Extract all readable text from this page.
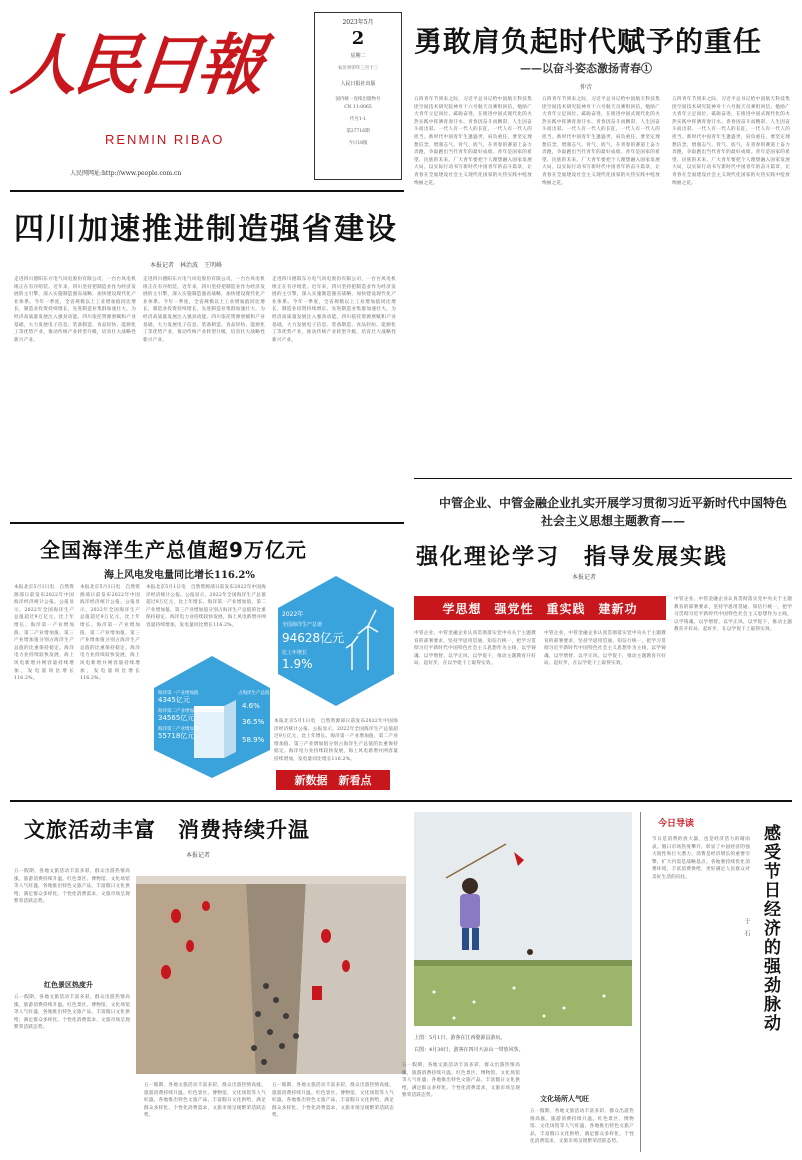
人民日報
RENMIN RIBAO
人民网网址:http://www.people.com.cn
2023年5月
2
星期二
农历癸卯年三月十三
人民日报社出版
国内统一连续出版物号
CN 11-0065
代号1-1
第27716期
今日16版
勇敢肩负起时代赋予的重任
——以奋斗姿态激扬青春①
仲音
五四青年节到来之际，习近平总书记给中国航天科技集团空间技术研究院神舟十六号航天员乘组回信，勉励广大青年立足岗位、砥砺奋进，在推进中国式现代化的火热实践中挥洒青春汗水。青春因奋斗而精彩，人生因奋斗而出彩。一代人有一代人的长征，一代人有一代人的担当。新时代中国青年生逢盛世，肩负重任，要坚定理想信念，增强志气、骨气、底气，在青春的赛道上奋力奔跑，争取跑出当代青年的最好成绩。青年是国家的希望、民族的未来。广大青年要把个人理想融入国家发展大局，以实际行动书写新时代中国青年的奋斗篇章，让青春在全面建设社会主义现代化国家的火热实践中绽放绚丽之花。
五四青年节到来之际，习近平总书记给中国航天科技集团空间技术研究院神舟十六号航天员乘组回信，勉励广大青年立足岗位、砥砺奋进，在推进中国式现代化的火热实践中挥洒青春汗水。青春因奋斗而精彩，人生因奋斗而出彩。一代人有一代人的长征，一代人有一代人的担当。新时代中国青年生逢盛世，肩负重任，要坚定理想信念，增强志气、骨气、底气，在青春的赛道上奋力奔跑，争取跑出当代青年的最好成绩。青年是国家的希望、民族的未来。广大青年要把个人理想融入国家发展大局，以实际行动书写新时代中国青年的奋斗篇章，让青春在全面建设社会主义现代化国家的火热实践中绽放绚丽之花。
五四青年节到来之际，习近平总书记给中国航天科技集团空间技术研究院神舟十六号航天员乘组回信，勉励广大青年立足岗位、砥砺奋进，在推进中国式现代化的火热实践中挥洒青春汗水。青春因奋斗而精彩，人生因奋斗而出彩。一代人有一代人的长征，一代人有一代人的担当。新时代中国青年生逢盛世，肩负重任，要坚定理想信念，增强志气、骨气、底气，在青春的赛道上奋力奔跑，争取跑出当代青年的最好成绩。青年是国家的希望、民族的未来。广大青年要把个人理想融入国家发展大局，以实际行动书写新时代中国青年的奋斗篇章，让青春在全面建设社会主义现代化国家的火热实践中绽放绚丽之花。
四川加速推进制造强省建设
本报记者　林治波　王明峰
走进四川德阳东方电气风电股份有限公司，一台台风电机组正在有序组装。近年来，四川坚持把制造业作为经济发展的主引擎，深入实施制造强省战略，加快建设现代化产业体系。今年一季度，全省规模以上工业增加值同比增长，制造业投资持续增长，先进制造业集群加速壮大，为经济高质量发展注入强劲动能。四川依托资源禀赋和产业基础，大力发展电子信息、装备制造、食品轻纺、能源化工等优势产业，推动传统产业转型升级，培育壮大战略性新兴产业。
走进四川德阳东方电气风电股份有限公司，一台台风电机组正在有序组装。近年来，四川坚持把制造业作为经济发展的主引擎，深入实施制造强省战略，加快建设现代化产业体系。今年一季度，全省规模以上工业增加值同比增长，制造业投资持续增长，先进制造业集群加速壮大，为经济高质量发展注入强劲动能。四川依托资源禀赋和产业基础，大力发展电子信息、装备制造、食品轻纺、能源化工等优势产业，推动传统产业转型升级，培育壮大战略性新兴产业。
走进四川德阳东方电气风电股份有限公司，一台台风电机组正在有序组装。近年来，四川坚持把制造业作为经济发展的主引擎，深入实施制造强省战略，加快建设现代化产业体系。今年一季度，全省规模以上工业增加值同比增长，制造业投资持续增长，先进制造业集群加速壮大，为经济高质量发展注入强劲动能。四川依托资源禀赋和产业基础，大力发展电子信息、装备制造、食品轻纺、能源化工等优势产业，推动传统产业转型升级，培育壮大战略性新兴产业。
全国海洋生产总值超9万亿元
海上风电发电量同比增长116.2%
本报北京5月1日电　自然资源部日前发布2022年中国海洋经济统计公报。公报显示，2022年全国海洋生产总值超过9万亿元，比上年增长。海洋第一产业增加值、第二产业增加值、第三产业增加值分别占海洋生产总值的比重保持稳定。海洋电力业持续较快发展，海上风电新增并网容量持续增加，发电量同比增长116.2%。
本报北京5月1日电　自然资源部日前发布2022年中国海洋经济统计公报。公报显示，2022年全国海洋生产总值超过9万亿元，比上年增长。海洋第一产业增加值、第二产业增加值、第三产业增加值分别占海洋生产总值的比重保持稳定。海洋电力业持续较快发展，海上风电新增并网容量持续增加，发电量同比增长116.2%。
本报北京5月1日电　自然资源部日前发布2022年中国海洋经济统计公报。公报显示，2022年全国海洋生产总值超过9万亿元，比上年增长。海洋第一产业增加值、第二产业增加值、第三产业增加值分别占海洋生产总值的比重保持稳定。海洋电力业持续较快发展，海上风电新增并网容量持续增加，发电量同比增长116.2%。
本报北京5月1日电　自然资源部日前发布2022年中国海洋经济统计公报。公报显示，2022年全国海洋生产总值超过9万亿元，比上年增长。海洋第一产业增加值、第二产业增加值、第三产业增加值分别占海洋生产总值的比重保持稳定。海洋电力业持续较快发展，海上风电新增并网容量持续增加，发电量同比增长116.2%。
2022年
全国海洋生产总值
94628亿元
比上年增长
1.9%
海洋第一产业增加值
4345亿元
海洋第二产业增加值
34565亿元
海洋第三产业增加值
55718亿元
占海洋生产总值
4.6%
36.5%
58.9%
新数据　新看点
中管企业、中管金融企业扎实开展学习贯彻习近平新时代中国特色社会主义思想主题教育——
强化理论学习　指导发展实践
本报记者
学思想　强党性　重实践　建新功
中管企业、中管金融企业认真贯彻落实党中央关于主题教育的部署要求，坚持学思用贯通、知信行统一，把学习贯彻习近平新时代中国特色社会主义思想作为主线，以学铸魂、以学增智、以学正风、以学促干，推动主题教育开好局、起好步，在以学促干上取得实效。
中管企业、中管金融企业认真贯彻落实党中央关于主题教育的部署要求，坚持学思用贯通、知信行统一，把学习贯彻习近平新时代中国特色社会主义思想作为主线，以学铸魂、以学增智、以学正风、以学促干，推动主题教育开好局、起好步，在以学促干上取得实效。
中管企业、中管金融企业认真贯彻落实党中央关于主题教育的部署要求，坚持学思用贯通、知信行统一，把学习贯彻习近平新时代中国特色社会主义思想作为主线，以学铸魂、以学增智、以学正风、以学促干，推动主题教育开好局、起好步，在以学促干上取得实效。
文旅活动丰富　消费持续升温
本报记者
五一假期，各地文旅活动丰富多彩，群众出游热情高涨，旅游消费持续升温。红色景区、博物馆、文化场馆等人气旺盛，各地推出特色文旅产品，丰富假日文化供给，满足群众多样化、个性化消费需求，文旅市场呈现繁荣活跃态势。
红色景区热度升
五一假期，各地文旅活动丰富多彩，群众出游热情高涨，旅游消费持续升温。红色景区、博物馆、文化场馆等人气旺盛，各地推出特色文旅产品，丰富假日文化供给，满足群众多样化、个性化消费需求，文旅市场呈现繁荣活跃态势。
上图：5月1日，游客在江西婺源县游玩。
右图：4月30日，游客在四川大凉山一带放风筝。
五一假期，各地文旅活动丰富多彩，群众出游热情高涨，旅游消费持续升温。红色景区、博物馆、文化场馆等人气旺盛，各地推出特色文旅产品，丰富假日文化供给，满足群众多样化、个性化消费需求，文旅市场呈现繁荣活跃态势。
五一假期，各地文旅活动丰富多彩，群众出游热情高涨，旅游消费持续升温。红色景区、博物馆、文化场馆等人气旺盛，各地推出特色文旅产品，丰富假日文化供给，满足群众多样化、个性化消费需求，文旅市场呈现繁荣活跃态势。
五一假期，各地文旅活动丰富多彩，群众出游热情高涨，旅游消费持续升温。红色景区、博物馆、文化场馆等人气旺盛，各地推出特色文旅产品，丰富假日文化供给，满足群众多样化、个性化消费需求，文旅市场呈现繁荣活跃态势。	文化场所人气旺
五一假期，各地文旅活动丰富多彩，群众出游热情高涨，旅游消费持续升温。红色景区、博物馆、文化场馆等人气旺盛，各地推出特色文旅产品，丰富假日文化供给，满足群众多样化、个性化消费需求，文旅市场呈现繁荣活跃态势。
今日导读
节日是消费的放大器，也是经济活力的晴雨表。假日市场热度攀升，彰显了中国经济的强大韧性和巨大潜力。消费是经济增长的重要引擎，扩大内需是战略基点。各地要持续优化消费环境，丰富消费供给，更好满足人民群众对美好生活的向往。	感受节日经济的强劲脉动
于　石
